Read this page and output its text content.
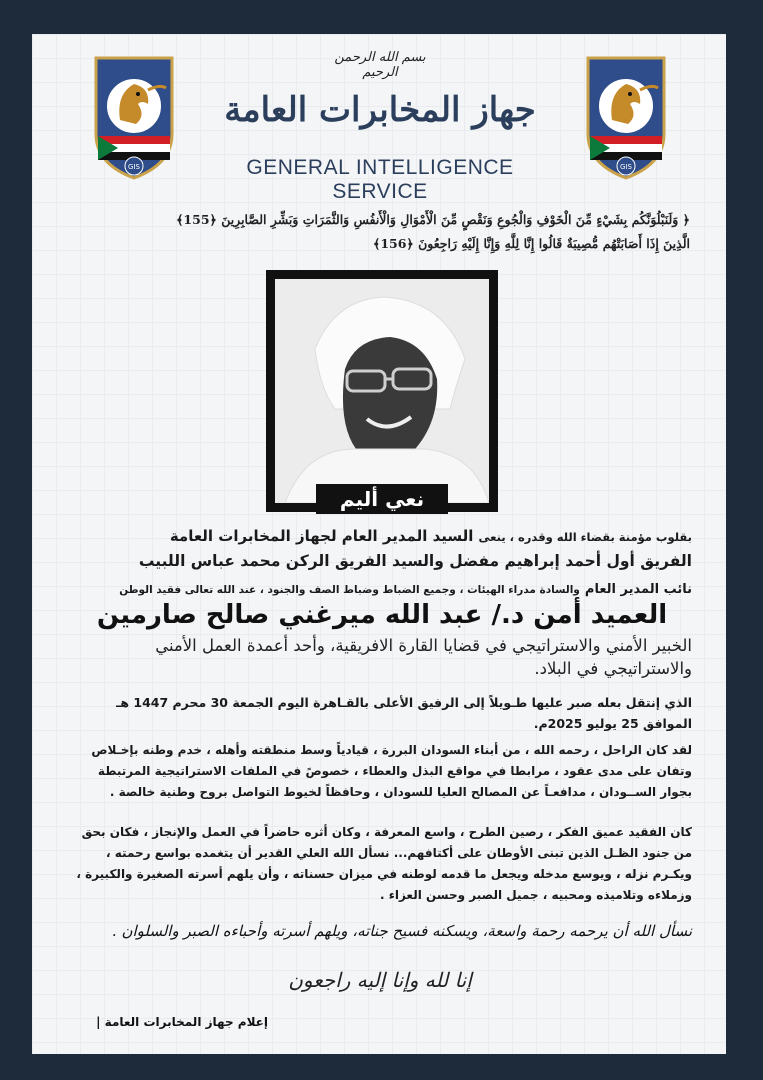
GIS	GIS
بسم الله الرحمن الرحيم
جهاز المخابرات العامة
GENERAL INTELLIGENCE SERVICE
﴿ وَلَنَبْلُوَنَّكُم بِشَيْءٍ مِّنَ الْخَوْفِ وَالْجُوعِ وَنَقْصٍ مِّنَ الْأَمْوَالِ وَالْأَنفُسِ وَالثَّمَرَاتِ وَبَشِّرِ الصَّابِرِينَ ﴿155﴾
الَّذِينَ إِذَا أَصَابَتْهُم مُّصِيبَةٌ قَالُوا إِنَّا لِلَّهِ وَإِنَّا إِلَيْهِ رَاجِعُونَ ﴿156﴾
نعي أليم
بقلوب مؤمنة بقضاء الله وقدره ، ينعى السيد المدير العام لجهاز المخابرات العامة
الفريق أول أحمد إبراهيم مفضل والسيد الفريق الركن محمد عباس اللبيب
نائب المدير العام والسادة مدراء الهيئات ، وجميع الضباط وضباط الصف والجنود ، عند الله تعالى فقيد الوطن
العميد أمن د./ عبد الله ميرغني صالح صارمين
الخبير الأمني والاستراتيجي في قضايا القارة الافريقية، وأحد أعمدة العمل الأمني والاستراتيجي في البلاد.
الذي إنتقل بعله صبر عليها طـويلاً إلى الرفيق الأعلى بالقـاهرة اليوم الجمعة 30 محرم 1447 هـ الموافق 25 يوليو 2025م.
لقد كان الراحل ، رحمه الله ، من أبناء السودان البررة ، قيادياً وسط منطقته وأهله ، خدم وطنه بإخـلاص وتفان على مدى عقود ، مرابطا في مواقع البذل والعطاء ، خصوصً في الملفات الاستراتيجية المرتبطة بجوار الســودان ، مدافعـاً عن المصالح العليا للسودان ، وحافظاً لخيوط التواصل بروح وطنية خالصة .
كان الفقيد عميق الفكر ، رصين الطرح ، واسع المعرفة ، وكان أثره حاضراً في العمل والإنجاز ، فكان بحق من جنود الظـل الذين تبنى الأوطان على أكتافهم... نسأل الله العلي القدير أن يتغمده بواسع رحمته ، ويكـرم نزله ، ويوسع مدخله ويجعل ما قدمه لوطنه في ميزان حسناته ، وأن يلهم أسرته الصغيرة والكبيرة ، وزملاءه وتلاميذه ومحبيه ، جميل الصبر وحسن العزاء .
نسأل الله أن يرحمه رحمة واسعة، ويسكنه فسيح جناته، ويلهم أسرته وأحباءه الصبر والسلوان .
إنا لله وإنا إليه راجعون
إعلام جهاز المخابرات العامة |
